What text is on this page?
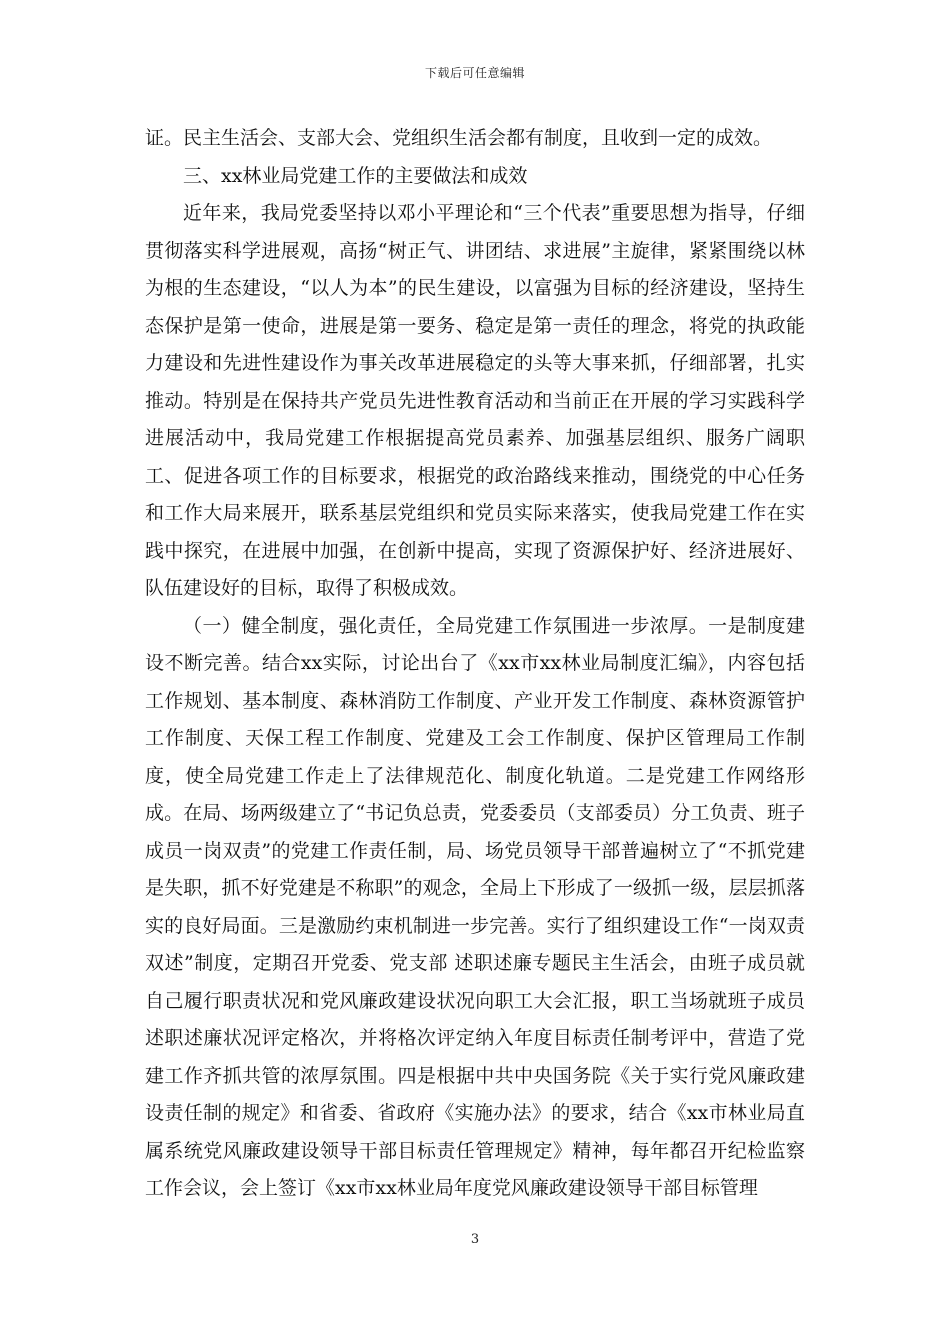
下载后可任意编辑

证。民主生活会、支部大会、党组织生活会都有制度，且收到一定的成效。

三、xx林业局党建工作的主要做法和成效

近年来，我局党委坚持以邓小平理论和“三个代表”重要思想为指导，仔细贯彻落实科学进展观，高扬“树正气、讲团结、求进展”主旋律，紧紧围绕以林为根的生态建设，“以人为本”的民生建设，以富强为目标的经济建设，坚持生态保护是第一使命，进展是第一要务、稳定是第一责任的理念，将党的执政能力建设和先进性建设作为事关改革进展稳定的头等大事来抓，仔细部署，扎实推动。特别是在保持共产党员先进性教育活动和当前正在开展的学习实践科学进展活动中，我局党建工作根据提高党员素养、加强基层组织、服务广阔职工、促进各项工作的目标要求，根据党的政治路线来推动，围绕党的中心任务和工作大局来展开，联系基层党组织和党员实际来落实，使我局党建工作在实践中探究，在进展中加强，在创新中提高，实现了资源保护好、经济进展好、队伍建设好的目标，取得了积极成效。

（一）健全制度，强化责任，全局党建工作氛围进一步浓厚。一是制度建设不断完善。结合xx实际，讨论出台了《xx市xx林业局制度汇编》，内容包括工作规划、基本制度、森林消防工作制度、产业开发工作制度、森林资源管护工作制度、天保工程工作制度、党建及工会工作制度、保护区管理局工作制度，使全局党建工作走上了法律规范化、制度化轨道。二是党建工作网络形成。在局、场两级建立了“书记负总责，党委委员（支部委员）分工负责、班子成员一岗双责”的党建工作责任制，局、场党员领导干部普遍树立了“不抓党建是失职，抓不好党建是不称职”的观念，全局上下形成了一级抓一级，层层抓落实的良好局面。三是激励约束机制进一步完善。实行了组织建设工作“一岗双责双述”制度，定期召开党委、党支部 述职述廉专题民主生活会，由班子成员就自己履行职责状况和党风廉政建设状况向职工大会汇报，职工当场就班子成员 述职述廉状况评定格次，并将格次评定纳入年度目标责任制考评中，营造了党建工作齐抓共管的浓厚氛围。四是根据中共中央国务院《关于实行党风廉政建设责任制的规定》和省委、省政府《实施办法》的要求，结合《xx市林业局直属系统党风廉政建设领导干部目标责任管理规定》精神，每年都召开纪检监察工作会议，会上签订《xx市xx林业局年度党风廉政建设领导干部目标管理

3
